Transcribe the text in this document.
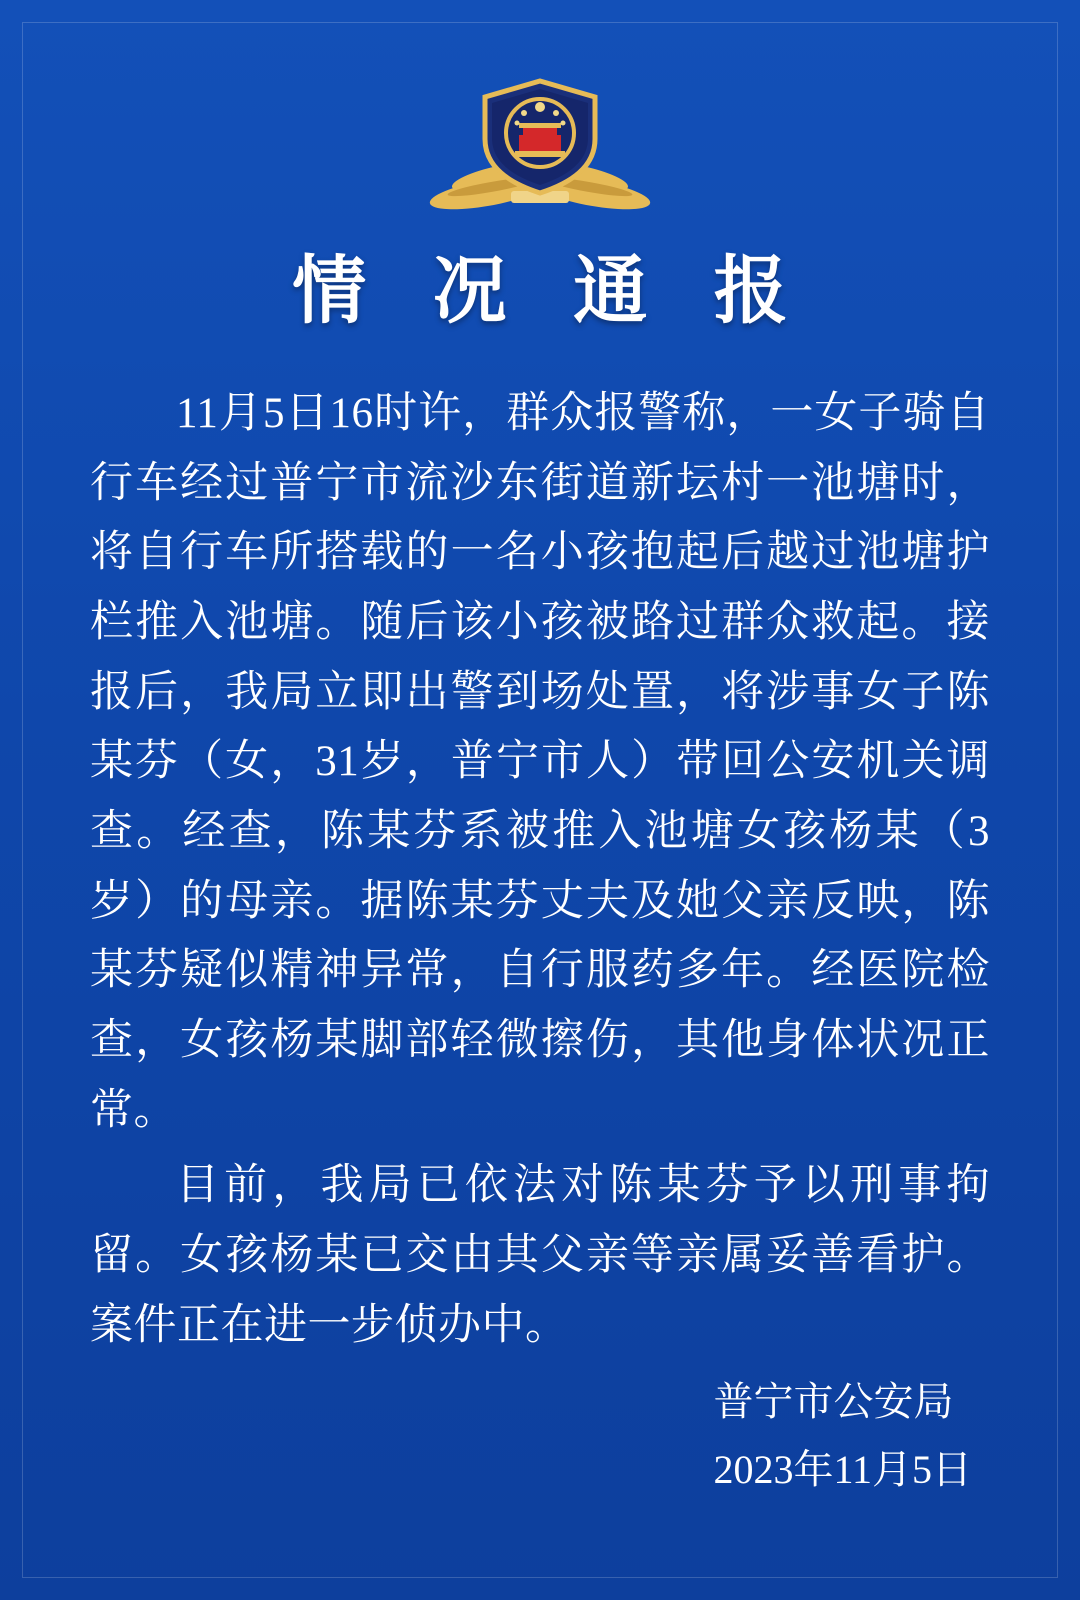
情 况 通 报

11月5日16时许，群众报警称，一女子骑自行车经过普宁市流沙东街道新坛村一池塘时，将自行车所搭载的一名小孩抱起后越过池塘护栏推入池塘。随后该小孩被路过群众救起。接报后，我局立即出警到场处置，将涉事女子陈某芬（女，31岁，普宁市人）带回公安机关调查。经查，陈某芬系被推入池塘女孩杨某（3岁）的母亲。据陈某芬丈夫及她父亲反映，陈某芬疑似精神异常，自行服药多年。经医院检查，女孩杨某脚部轻微擦伤，其他身体状况正常。

目前，我局已依法对陈某芬予以刑事拘留。女孩杨某已交由其父亲等亲属妥善看护。案件正在进一步侦办中。

普宁市公安局
2023年11月5日
